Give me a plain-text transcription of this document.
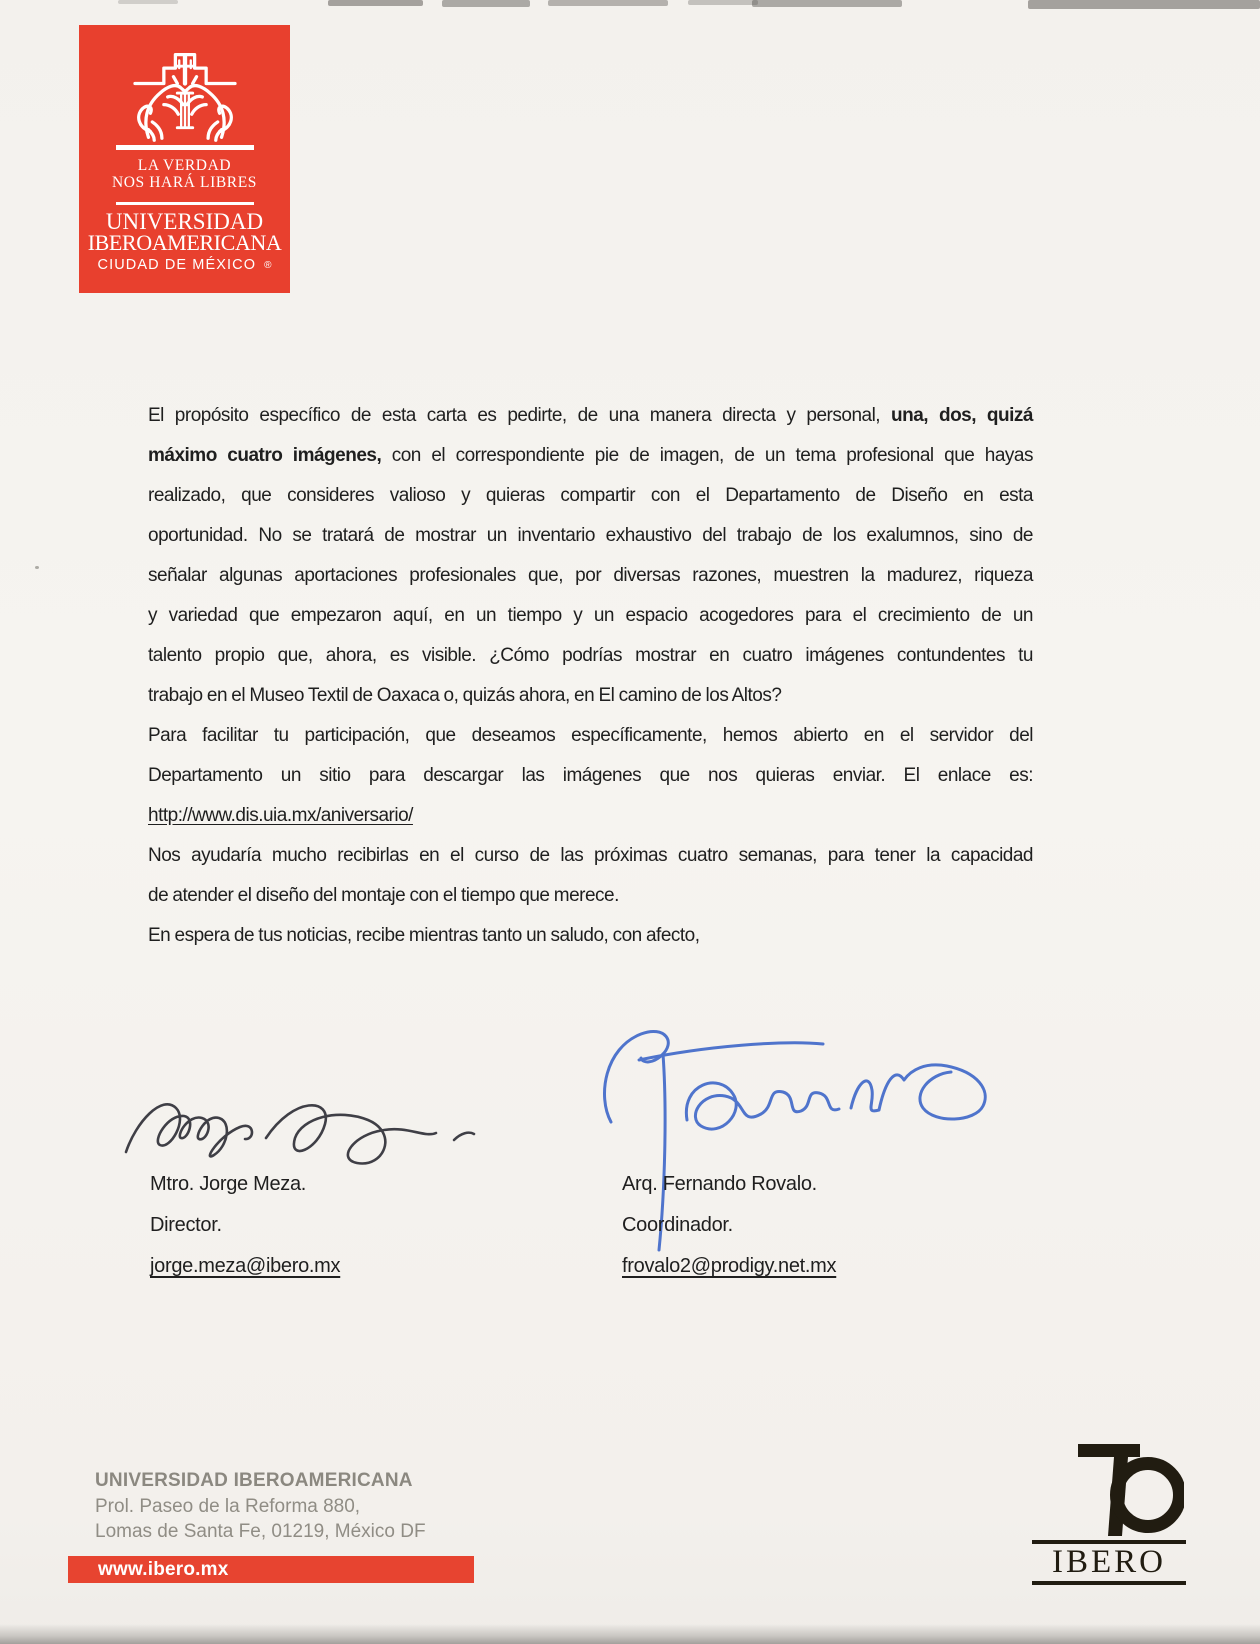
LA VERDAD
NOS HARÁ LIBRES
UNIVERSIDAD
IBEROAMERICANA
CIUDAD DE MÉXICO ®
El propósito específico de esta carta es pedirte, de una manera directa y personal, una, dos, quizá
máximo cuatro imágenes, con el correspondiente pie de imagen, de un tema profesional que hayas
realizado, que consideres valioso y quieras compartir con el Departamento de Diseño en esta
oportunidad. No se tratará de mostrar un inventario exhaustivo del trabajo de los exalumnos, sino de
señalar algunas aportaciones profesionales que, por diversas razones, muestren la madurez, riqueza
y variedad que empezaron aquí, en un tiempo y un espacio acogedores para el crecimiento de un
talento propio que, ahora, es visible. ¿Cómo podrías mostrar en cuatro imágenes contundentes tu
trabajo en el Museo Textil de Oaxaca o, quizás ahora, en El camino de los Altos?
Para facilitar tu participación, que deseamos específicamente, hemos abierto en el servidor del
Departamento un sitio para descargar las imágenes que nos quieras enviar. El enlace es:
http://www.dis.uia.mx/aniversario/
Nos ayudaría mucho recibirlas en el curso de las próximas cuatro semanas, para tener la capacidad
de atender el diseño del montaje con el tiempo que merece.
En espera de tus noticias, recibe mientras tanto un saludo, con afecto,
Mtro. Jorge Meza.
Director.
jorge.meza@ibero.mx
Arq. Fernando Rovalo.
Coordinador.
frovalo2@prodigy.net.mx
UNIVERSIDAD IBEROAMERICANA
Prol. Paseo de la Reforma 880,
Lomas de Santa Fe, 01219, México DF
www.ibero.mx	IBERO
